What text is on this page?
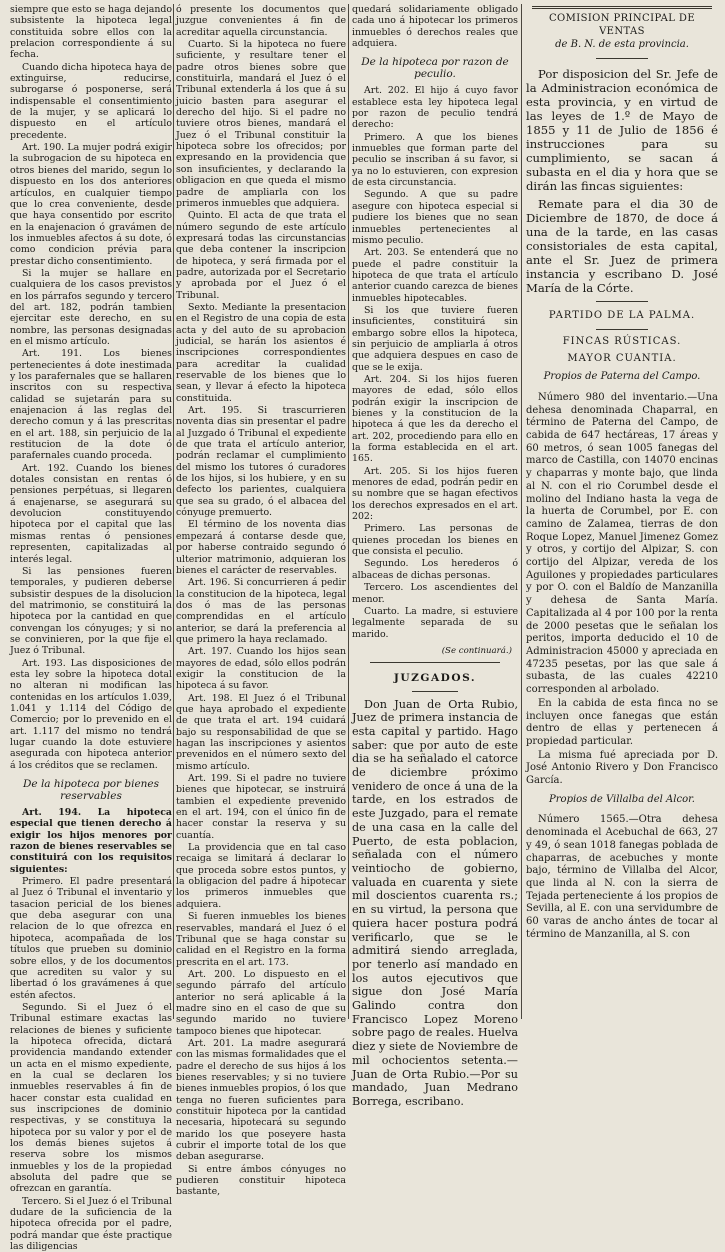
siempre que esto se haga dejando subsistente la hipoteca legal constituida sobre ellos con la prelacion correspondiente á su fecha.

Cuando dicha hipoteca haya de extinguirse, reducirse, subrogarse ó posponerse, será indispensable el consentimiento de la mujer, y se aplicará lo dispuesto en el artículo precedente.

Art. 190. La mujer podrá exigir la subrogacion de su hipoteca en otros bienes del marido, segun lo dispuesto en los dos anteriores artículos, en cualquier tiempo que lo crea conveniente, desde que haya consentido por escrito en la enajenacion ó gravámen de los inmuebles afectos á su dote, ó como condicion prévia para prestar dicho consentimiento.

Si la mujer se hallare en cualquiera de los casos previstos en los párrafos segundo y tercero del art. 182, podrán tambien ejercitar este derecho, en su nombre, las personas designadas en el mismo artículo.

Art. 191. Los bienes pertenecientes á dote inestimada y los parafernales que se hallaren inscritos con su respectiva calidad se sujetarán para su enajenacion á las reglas del derecho comun y á las prescritas en el art. 188, sin perjuicio de la restitucion de la dote ó parafernales cuando proceda.

Art. 192. Cuando los bienes dotales consistan en rentas ó pensiones perpétuas, si llegaren á enajenarse, se asegurará su devolucion constituyendo hipoteca por el capital que las mismas rentas ó pensiones representen, capitalizadas al interés legal.

Si las pensiones fueren temporales, y pudieren deberse subsistir despues de la disolucion del matrimonio, se constituirá la hipoteca por la cantidad en que convengan los cónyuges; y si no se convinieren, por la que fije el Juez ó Tribunal.

Art. 193. Las disposiciones de esta ley sobre la hipoteca dotal no alteran ni modifican las contenidas en los artículos 1.039, 1.041 y 1.114 del Código de Comercio; por lo prevenido en el art. 1.117 del mismo no tendrá lugar cuando la dote estuviere asegurada con hipoteca anterior á los créditos que se reclamen.

De la hipoteca por bienes reservables

Art. 194. La hipoteca especial que tienen derecho á exigir los hijos menores por razon de bienes reservables se constituirá con los requisitos siguientes:

Primero. El padre presentará al Juez ó Tribunal el inventario y tasacion pericial de los bienes que deba asegurar con una relacion de lo que ofrezca en hipoteca, acompañada de los títulos que prueben su dominio sobre ellos, y de los documentos que acrediten su valor y su libertad ó los gravámenes á que estén afectos.

Segundo. Si el Juez ó el Tribunal estimare exactas las relaciones de bienes y suficiente la hipoteca ofrecida, dictará providencia mandando extender un acta en el mismo expediente, en la cual se declaren los inmuebles reservables á fin de hacer constar esta cualidad en sus inscripciones de dominio respectivas, y se constituya la hipoteca por su valor y por el de los demás bienes sujetos á reserva sobre los mismos inmuebles y los de la propiedad absoluta del padre que se ofrezcan en garantía.

Tercero. Si el Juez ó el Tribunal dudare de la suficiencia de la hipoteca ofrecida por el padre, podrá mandar que éste practique las diligencias

ó presente los documentos que juzgue convenientes á fin de acreditar aquella circunstancia.

Cuarto. Si la hipoteca no fuere suficiente, y resultare tener el padre otros bienes sobre que constituirla, mandará el Juez ó el Tribunal extenderla á los que á su juicio basten para asegurar el derecho del hijo. Si el padre no tuviere otros bienes, mandará el Juez ó el Tribunal constituir la hipoteca sobre los ofrecidos; por expresando en la providencia que son insuficientes, y declarando la obligacion en que queda el mismo padre de ampliarla con los primeros inmuebles que adquiera.

Quinto. El acta de que trata el número segundo de este artículo expresará todas las circunstancias que deba contener la inscripcion de hipoteca, y será firmada por el padre, autorizada por el Secretario y aprobada por el Juez ó el Tribunal.

Sexto. Mediante la presentacion en el Registro de una copia de esta acta y del auto de su aprobacion judicial, se harán los asientos é inscripciones correspondientes para acreditar la cualidad reservable de los bienes que lo sean, y llevar á efecto la hipoteca constituida.

Art. 195. Si trascurrieren noventa dias sin presentar el padre al Juzgado ó Tribunal el expediente de que trata el artículo anterior, podrán reclamar el cumplimiento del mismo los tutores ó curadores de los hijos, si los hubiere, y en su defecto los parientes, cualquiera que sea su grado, ó el albacea del cónyuge premuerto.

El término de los noventa dias empezará á contarse desde que, por haberse contraido segundo ó ulterior matrimonio, adquieran los bienes el carácter de reservables.

Art. 196. Si concurrieren á pedir la constitucion de la hipoteca, legal dos ó mas de las personas comprendidas en el artículo anterior, se dará la preferencia al que primero la haya reclamado.

Art. 197. Cuando los hijos sean mayores de edad, sólo ellos podrán exigir la constitucion de la hipoteca á su favor.

Art. 198. El Juez ó el Tribunal que haya aprobado el expediente de que trata el art. 194 cuidará bajo su responsabilidad de que se hagan las inscripciones y asientos prevenidos en el número sexto del mismo artículo.

Art. 199. Si el padre no tuviere bienes que hipotecar, se instruirá tambien el expediente prevenido en el art. 194, con el único fin de hacer constar la reserva y su cuantía.

La providencia que en tal caso recaiga se limitará á declarar lo que proceda sobre estos puntos, y la obligacion del padre á hipotecar los primeros inmuebles que adquiera.

Si fueren inmuebles los bienes reservables, mandará el Juez ó el Tribunal que se haga constar su calidad en el Registro en la forma prescrita en el art. 173.

Art. 200. Lo dispuesto en el segundo párrafo del artículo anterior no será aplicable á la madre sino en el caso de que su segundo marido no tuviere tampoco bienes que hipotecar.

Art. 201. La madre asegurará con las mismas formalidades que el padre el derecho de sus hijos á los bienes reservables; y si no tuviere bienes inmuebles propios, ó los que tenga no fueren suficientes para constituir hipoteca por la cantidad necesaria, hipotecará su segundo marido los que poseyere hasta cubrir el importe total de los que deban asegurarse.

Si entre ámbos cónyuges no pudieren constituir hipoteca bastante,

quedará solidariamente obligado cada uno á hipotecar los primeros inmuebles ó derechos reales que adquiera.

De la hipoteca por razon de peculio.

Art. 202. El hijo á cuyo favor establece esta ley hipoteca legal por razon de peculio tendrá derecho:

Primero. A que los bienes inmuebles que forman parte del peculio se inscriban á su favor, si ya no lo estuvieren, con expresion de esta circunstancia.

Segundo. A que su padre asegure con hipoteca especial si pudiere los bienes que no sean inmuebles pertenecientes al mismo peculio.

Art. 203. Se entenderá que no puede el padre constituir la hipoteca de que trata el artículo anterior cuando carezca de bienes inmuebles hipotecables.

Si los que tuviere fueren insuficientes, constituirá sin embargo sobre ellos la hipoteca, sin perjuicio de ampliarla á otros que adquiera despues en caso de que se le exija.

Art. 204. Si los hijos fueren mayores de edad, sólo ellos podrán exigir la inscripcion de bienes y la constitucion de la hipoteca á que les da derecho el art. 202, procediendo para ello en la forma establecida en el art. 165.

Art. 205. Si los hijos fueren menores de edad, podrán pedir en su nombre que se hagan efectivos los derechos expresados en el art. 202:

Primero. Las personas de quienes procedan los bienes en que consista el peculio.

Segundo. Los herederos ó albaceas de dichas personas.

Tercero. Los ascendientes del menor.

Cuarto. La madre, si estuviere legalmente separada de su marido.

(Se continuará.)

JUZGADOS.

Don Juan de Orta Rubio, Juez de primera instancia de esta capital y partido. Hago saber: que por auto de este dia se ha señalado el catorce de diciembre próximo venidero de once á una de la tarde, en los estrados de este Juzgado, para el remate de una casa en la calle del Puerto, de esta poblacion, señalada con el número veintiocho de gobierno, valuada en cuarenta y siete mil doscientos cuarenta rs.; en su virtud, la persona que quiera hacer postura podrá verificarlo, que se le admitirá siendo arreglada, por tenerlo así mandado en los autos ejecutivos que sigue don José María Galindo contra don Francisco Lopez Moreno sobre pago de reales. Huelva diez y siete de Noviembre de mil ochocientos setenta.—Juan de Orta Rubio.—Por su mandado, Juan Medrano Borrega, escribano.

COMISION PRINCIPAL DE VENTAS

de B. N. de esta provincia.

Por disposicion del Sr. Jefe de la Administracion económica de esta provincia, y en virtud de las leyes de 1.º de Mayo de 1855 y 11 de Julio de 1856 é instrucciones para su cumplimiento, se sacan á subasta en el dia y hora que se dirán las fincas siguientes:

Remate para el dia 30 de Diciembre de 1870, de doce á una de la tarde, en las casas consistoriales de esta capital, ante el Sr. Juez de primera instancia y escribano D. José María de la Córte.

PARTIDO DE LA PALMA.

FINCAS RÚSTICAS.

MAYOR CUANTIA.

Propios de Paterna del Campo.

Número 980 del inventario.—Una dehesa denominada Chaparral, en término de Paterna del Campo, de cabida de 647 hectáreas, 17 áreas y 60 metros, ó sean 1005 fanegas del marco de Castilla, con 14070 encinas y chaparras y monte bajo, que linda al N. con el rio Corumbel desde el molino del Indiano hasta la vega de la huerta de Corumbel, por E. con camino de Zalamea, tierras de don Roque Lopez, Manuel Jimenez Gomez y otros, y cortijo del Alpizar, S. con cortijo del Alpizar, vereda de los Aguilones y propiedades particulares y por O. con el Baldío de Manzanilla y dehesa de Santa María. Capitalizada al 4 por 100 por la renta de 2000 pesetas que le señalan los peritos, importa deducido el 10 de Administracion 45000 y apreciada en 47235 pesetas, por las que sale á subasta, de las cuales 42210 corresponden al arbolado.

En la cabida de esta finca no se incluyen once fanegas que están dentro de ellas y pertenecen á propiedad particular.

La misma fué apreciada por D. José Antonio Rivero y Don Francisco García.

Propios de Villalba del Alcor.

Número 1565.—Otra dehesa denominada el Acebuchal de 663, 27 y 49, ó sean 1018 fanegas poblada de chaparras, de acebuches y monte bajo, término de Villalba del Alcor, que linda al N. con la sierra de Tejada perteneciente á los propios de Sevilla, al E. con una servidumbre de 60 varas de ancho ántes de tocar al término de Manzanilla, al S. con
